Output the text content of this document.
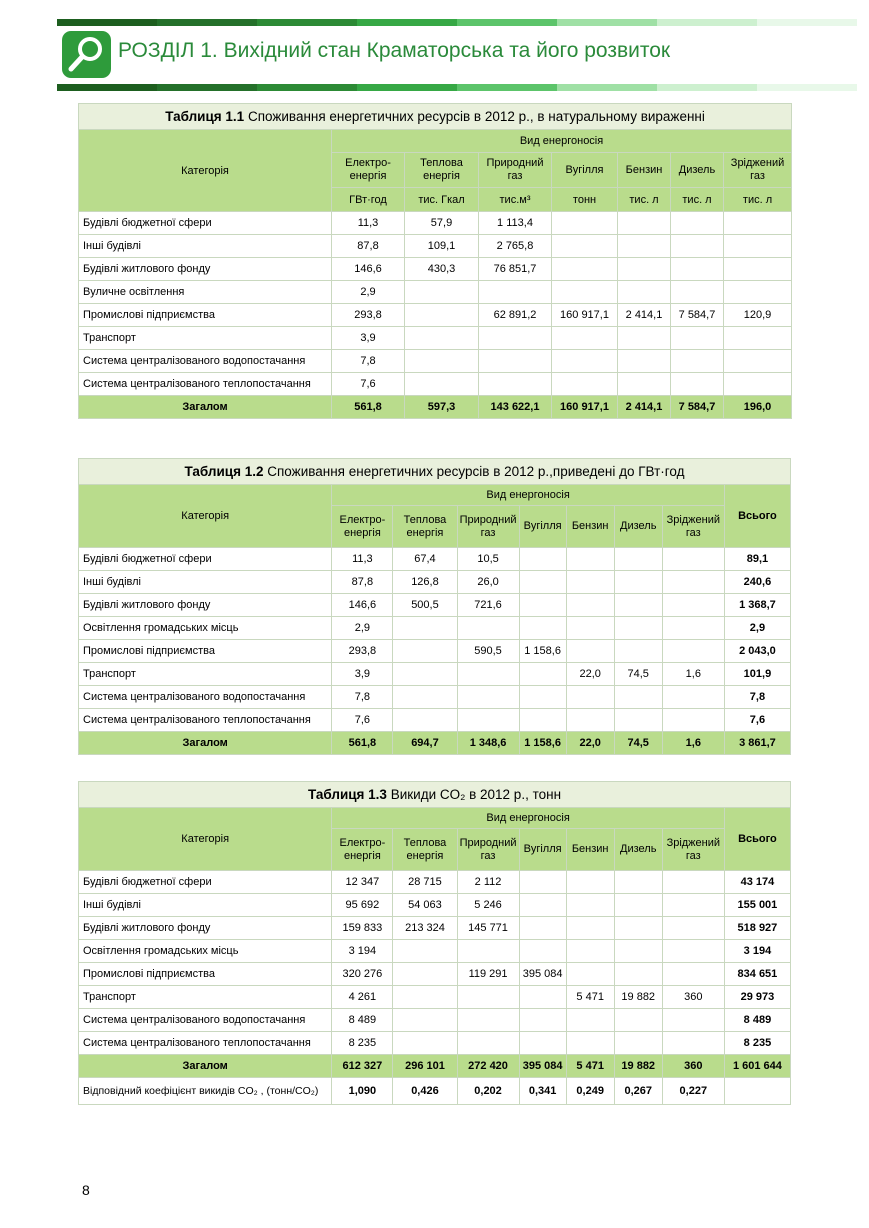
РОЗДІЛ 1. Вихідний стан Краматорська та його розвиток
Таблиця 1.1 Споживання енергетичних ресурсів в 2012 р., в натуральному вираженні							
Категорія	Вид енергоносія						
	Електро-енергія	Теплова енергія	Природний газ	Вугілля	Бензин	Дизель	Зріджений газ
	ГВт·год	тис. Гкал	тис.м³	тонн	тис. л	тис. л	тис. л
Будівлі бюджетної сфери	11,3	57,9	1 113,4				
Інші будівлі	87,8	109,1	2 765,8				
Будівлі житлового фонду	146,6	430,3	76 851,7				
Вуличне освітлення	2,9						
Промислові підприємства	293,8		62 891,2	160 917,1	2 414,1	7 584,7	120,9
Транспорт	3,9						
Система централізованого водопостачання	7,8						
Система централізованого теплопостачання	7,6						
Загалом	561,8	597,3	143 622,1	160 917,1	2 414,1	7 584,7	196,0
Таблиця 1.2 Споживання енергетичних ресурсів в 2012 р.,приведені до ГВт·год								
Категорія	Вид енергоносія							Всього
	Електро-енергія	Теплова енергія	Природний газ	Вугілля	Бензин	Дизель	Зріджений газ	
Будівлі бюджетної сфери	11,3	67,4	10,5					89,1
Інші будівлі	87,8	126,8	26,0					240,6
Будівлі житлового фонду	146,6	500,5	721,6					1 368,7
Освітлення громадських місць	2,9							2,9
Промислові підприємства	293,8		590,5	1 158,6				2 043,0
Транспорт	3,9				22,0	74,5	1,6	101,9
Система централізованого водопостачання	7,8							7,8
Система централізованого теплопостачання	7,6							7,6
Загалом	561,8	694,7	1 348,6	1 158,6	22,0	74,5	1,6	3 861,7
Таблиця 1.3 Викиди CO₂ в 2012 р., тонн								
Категорія	Вид енергоносія							Всього
	Електро-енергія	Теплова енергія	Природний газ	Вугілля	Бензин	Дизель	Зріджений газ	
Будівлі бюджетної сфери	12 347	28 715	2 112					43 174
Інші будівлі	95 692	54 063	5 246					155 001
Будівлі житлового фонду	159 833	213 324	145 771					518 927
Освітлення громадських місць	3 194							3 194
Промислові підприємства	320 276		119 291	395 084				834 651
Транспорт	4 261				5 471	19 882	360	29 973
Система централізованого водопостачання	8 489							8 489
Система централізованого теплопостачання	8 235							8 235
Загалом	612 327	296 101	272 420	395 084	5 471	19 882	360	1 601 644
Відповідний коефіцієнт викидів CO₂ , (тонн/CO₂)	1,090	0,426	0,202	0,341	0,249	0,267	0,227	
8
